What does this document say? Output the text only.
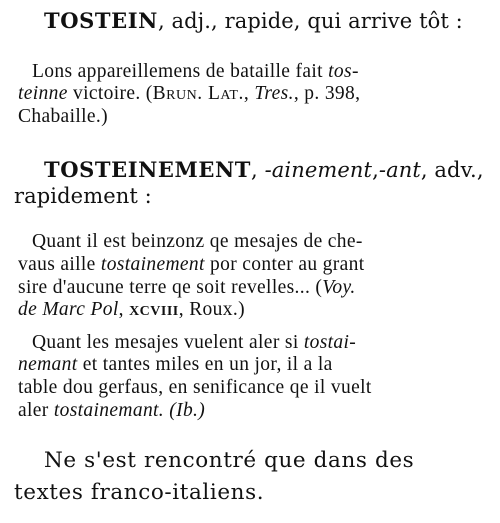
TOSTEIN, adj., rapide, qui arrive tôt :
Lons appareillemens de bataille fait tos-
teinne victoire. (Brun. Lat., Tres., p. 398,
Chabaille.)
TOSTEINEMENT, -ainement,-ant, adv.,
rapidement :
Quant il est beinzonz qe mesajes de che-
vaus aille tostainement por conter au grant
sire d'aucune terre qe soit revelles... (Voy.
de Marc Pol, xcviii, Roux.)
Quant les mesajes vuelent aler si tostai-
nemant et tantes miles en un jor, il a la
table dou gerfaus, en senificance qe il vuelt
aler tostainemant. (Ib.)
Ne s'est rencontré que dans des
textes franco-italiens.
